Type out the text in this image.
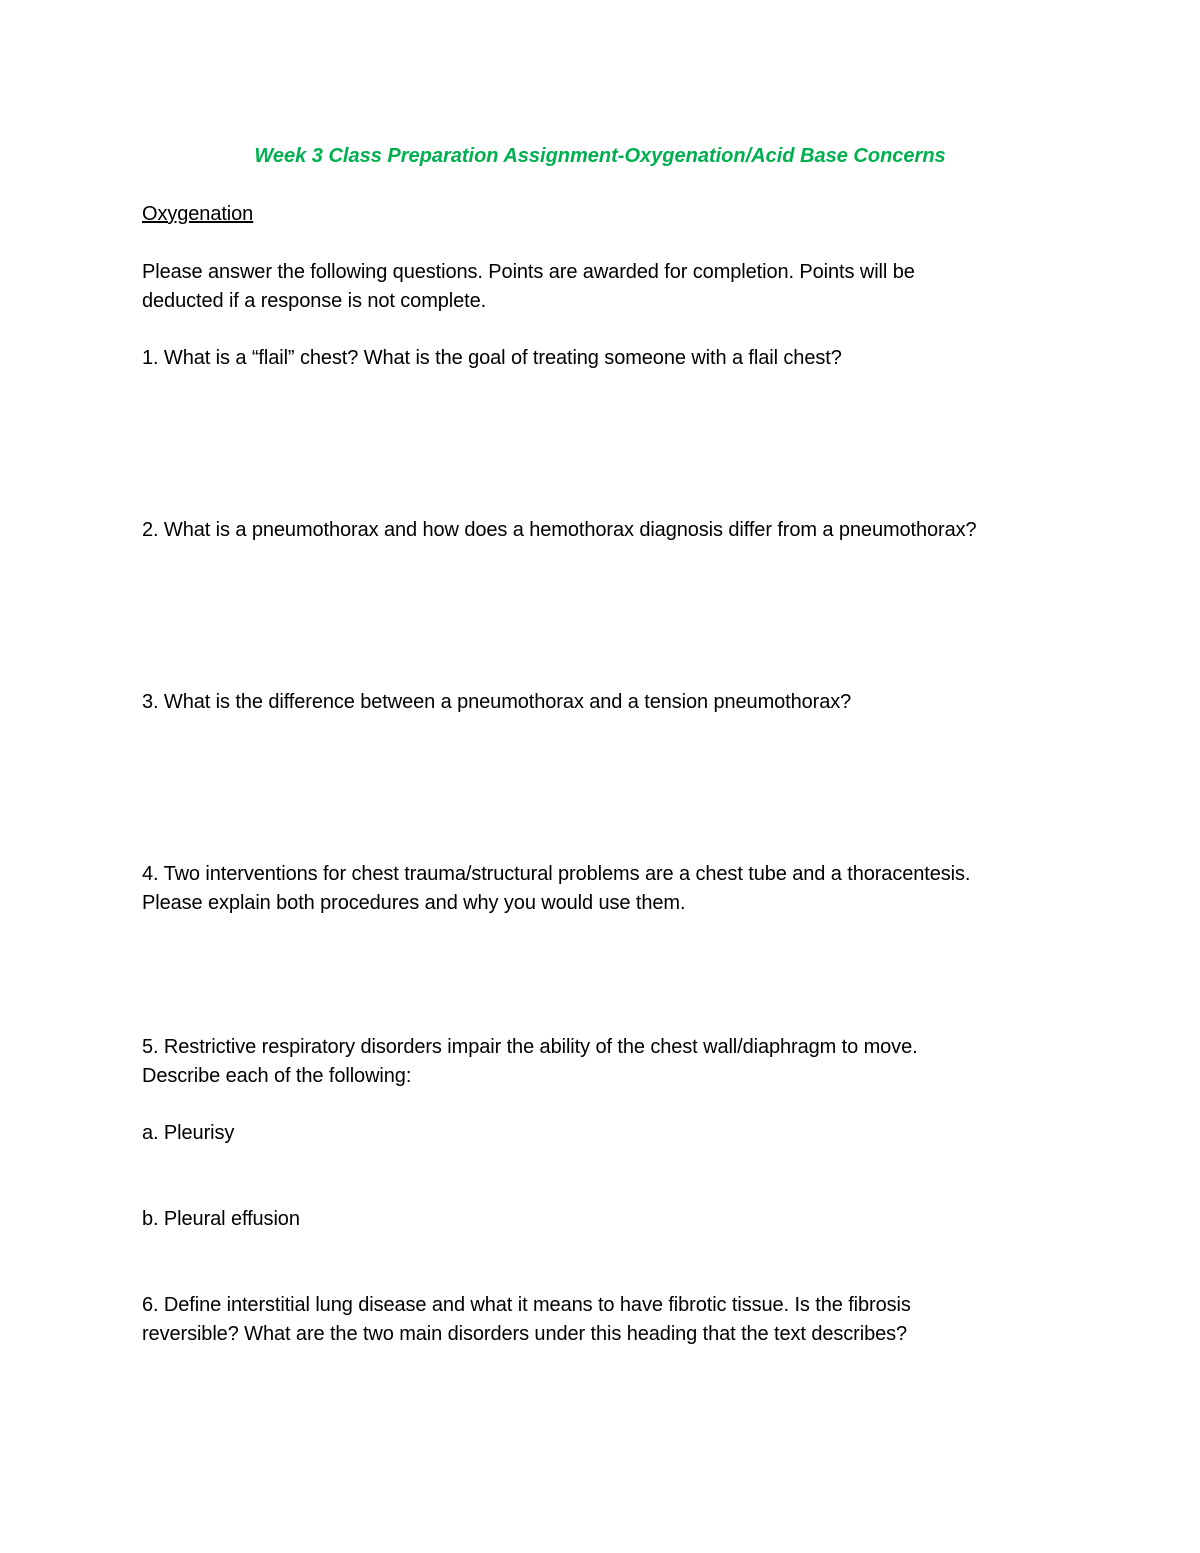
Week 3 Class Preparation Assignment-Oxygenation/Acid Base Concerns
Oxygenation
Please answer the following questions. Points are awarded for completion. Points will be
deducted if a response is not complete.
1. What is a “flail” chest? What is the goal of treating someone with a flail chest?
2. What is a pneumothorax and how does a hemothorax diagnosis differ from a pneumothorax?
3. What is the difference between a pneumothorax and a tension pneumothorax?
4. Two interventions for chest trauma/structural problems are a chest tube and a thoracentesis.
Please explain both procedures and why you would use them.
5. Restrictive respiratory disorders impair the ability of the chest wall/diaphragm to move.
Describe each of the following:
a. Pleurisy
b. Pleural effusion
6. Define interstitial lung disease and what it means to have fibrotic tissue. Is the fibrosis
reversible? What are the two main disorders under this heading that the text describes?
